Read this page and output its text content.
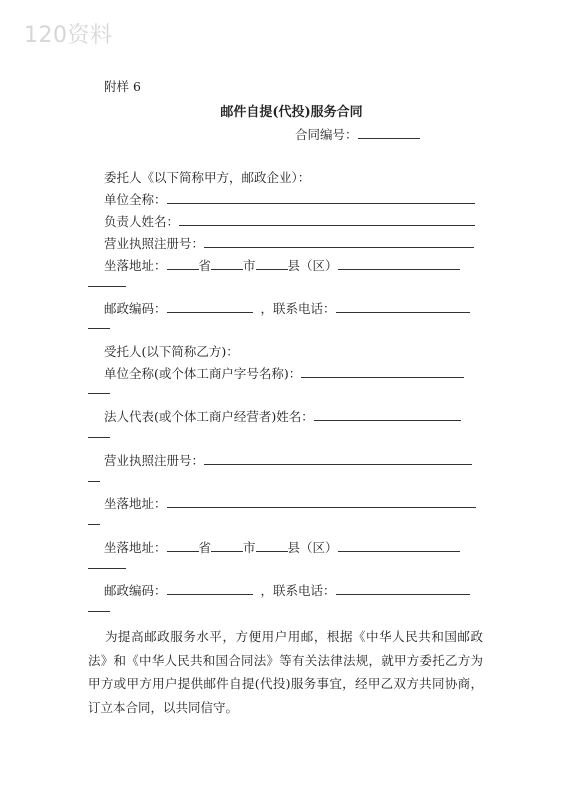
120资料
附样 6
邮件自提(代投)服务合同
合同编号：
委托人《以下简称甲方，邮政企业）：
单位全称：
负责人姓名：
营业执照注册号：
坐落地址：	省	市	县（区）
邮政编码：	，联系电话：
受托人(以下简称乙方)：
单位全称(或个体工商户字号名称)：
法人代表(或个体工商户经营者)姓名：
营业执照注册号：
坐落地址：
坐落地址：	省	市	县（区）
邮政编码：	，联系电话：
为提高邮政服务水平，方便用户用邮，根据《中华人民共和国邮政法》和《中华人民共和国合同法》等有关法律法规，就甲方委托乙方为甲方或甲方用户提供邮件自提(代投)服务事宜，经甲乙双方共同协商，订立本合同，以共同信守。
